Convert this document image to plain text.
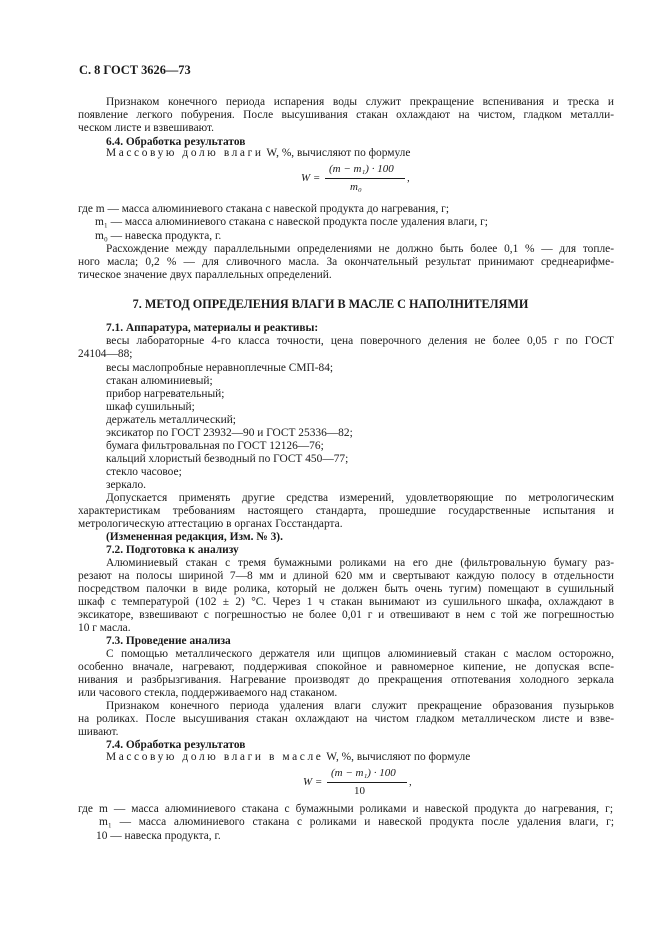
С. 8 ГОСТ 3626—73
Признаком конечного периода испарения воды служит прекращение вспенивания и треска и
появление легкого побурения. После высушивания стакан охлаждают на чистом, гладком металли-
ческом листе и взвешивают.
6.4. Обработка результатов
Массовую долю влаги W, %, вычисляют по формуле
W =
(m − m₁) · 100
m₀
,
где m — масса алюминиевого стакана с навеской продукта до нагревания, г;
m₁ — масса алюминиевого стакана с навеской продукта после удаления влаги, г;
m₀ — навеска продукта, г.
Расхождение между параллельными определениями не должно быть более 0,1 % — для топле-
ного масла; 0,2 % — для сливочного масла. За окончательный результат принимают среднеарифме-
тическое значение двух параллельных определений.
7. МЕТОД ОПРЕДЕЛЕНИЯ ВЛАГИ В МАСЛЕ С НАПОЛНИТЕЛЯМИ
7.1. Аппаратура, материалы и реактивы:
весы лабораторные 4-го класса точности, цена поверочного деления не более 0,05 г по ГОСТ
24104—88;
весы маслопробные неравноплечные СМП-84;
стакан алюминиевый;
прибор нагревательный;
шкаф сушильный;
держатель металлический;
эксикатор по ГОСТ 23932—90 и ГОСТ 25336—82;
бумага фильтровальная по ГОСТ 12126—76;
кальций хлористый безводный по ГОСТ 450—77;
стекло часовое;
зеркало.
Допускается применять другие средства измерений, удовлетворяющие по метрологическим
характеристикам требованиям настоящего стандарта, прошедшие государственные испытания и
метрологическую аттестацию в органах Госстандарта.
(Измененная редакция, Изм. № 3).
7.2. Подготовка к анализу
Алюминиевый стакан с тремя бумажными роликами на его дне (фильтровальную бумагу раз-
резают на полосы шириной 7—8 мм и длиной 620 мм и свертывают каждую полосу в отдельности
посредством палочки в виде ролика, который не должен быть очень тугим) помещают в сушильный
шкаф с температурой (102 ± 2) °С. Через 1 ч стакан вынимают из сушильного шкафа, охлаждают в
эксикаторе, взвешивают с погрешностью не более 0,01 г и отвешивают в нем с той же погрешностью
10 г масла.
7.3. Проведение анализа
С помощью металлического держателя или щипцов алюминиевый стакан с маслом осторожно,
особенно вначале, нагревают, поддерживая спокойное и равномерное кипение, не допуская вспе-
нивания и разбрызгивания. Нагревание производят до прекращения отпотевания холодного зеркала
или часового стекла, поддерживаемого над стаканом.
Признаком конечного периода удаления влаги служит прекращение образования пузырьков
на роликах. После высушивания стакан охлаждают на чистом гладком металлическом листе и взве-
шивают.
7.4. Обработка результатов
Массовую долю влаги в масле W, %, вычисляют по формуле
W =
(m − m₁) · 100
10
,
где m — масса алюминиевого стакана с бумажными роликами и навеской продукта до нагревания, г;
m₁ — масса алюминиевого стакана с роликами и навеской продукта после удаления влаги, г;
10 — навеска продукта, г.
